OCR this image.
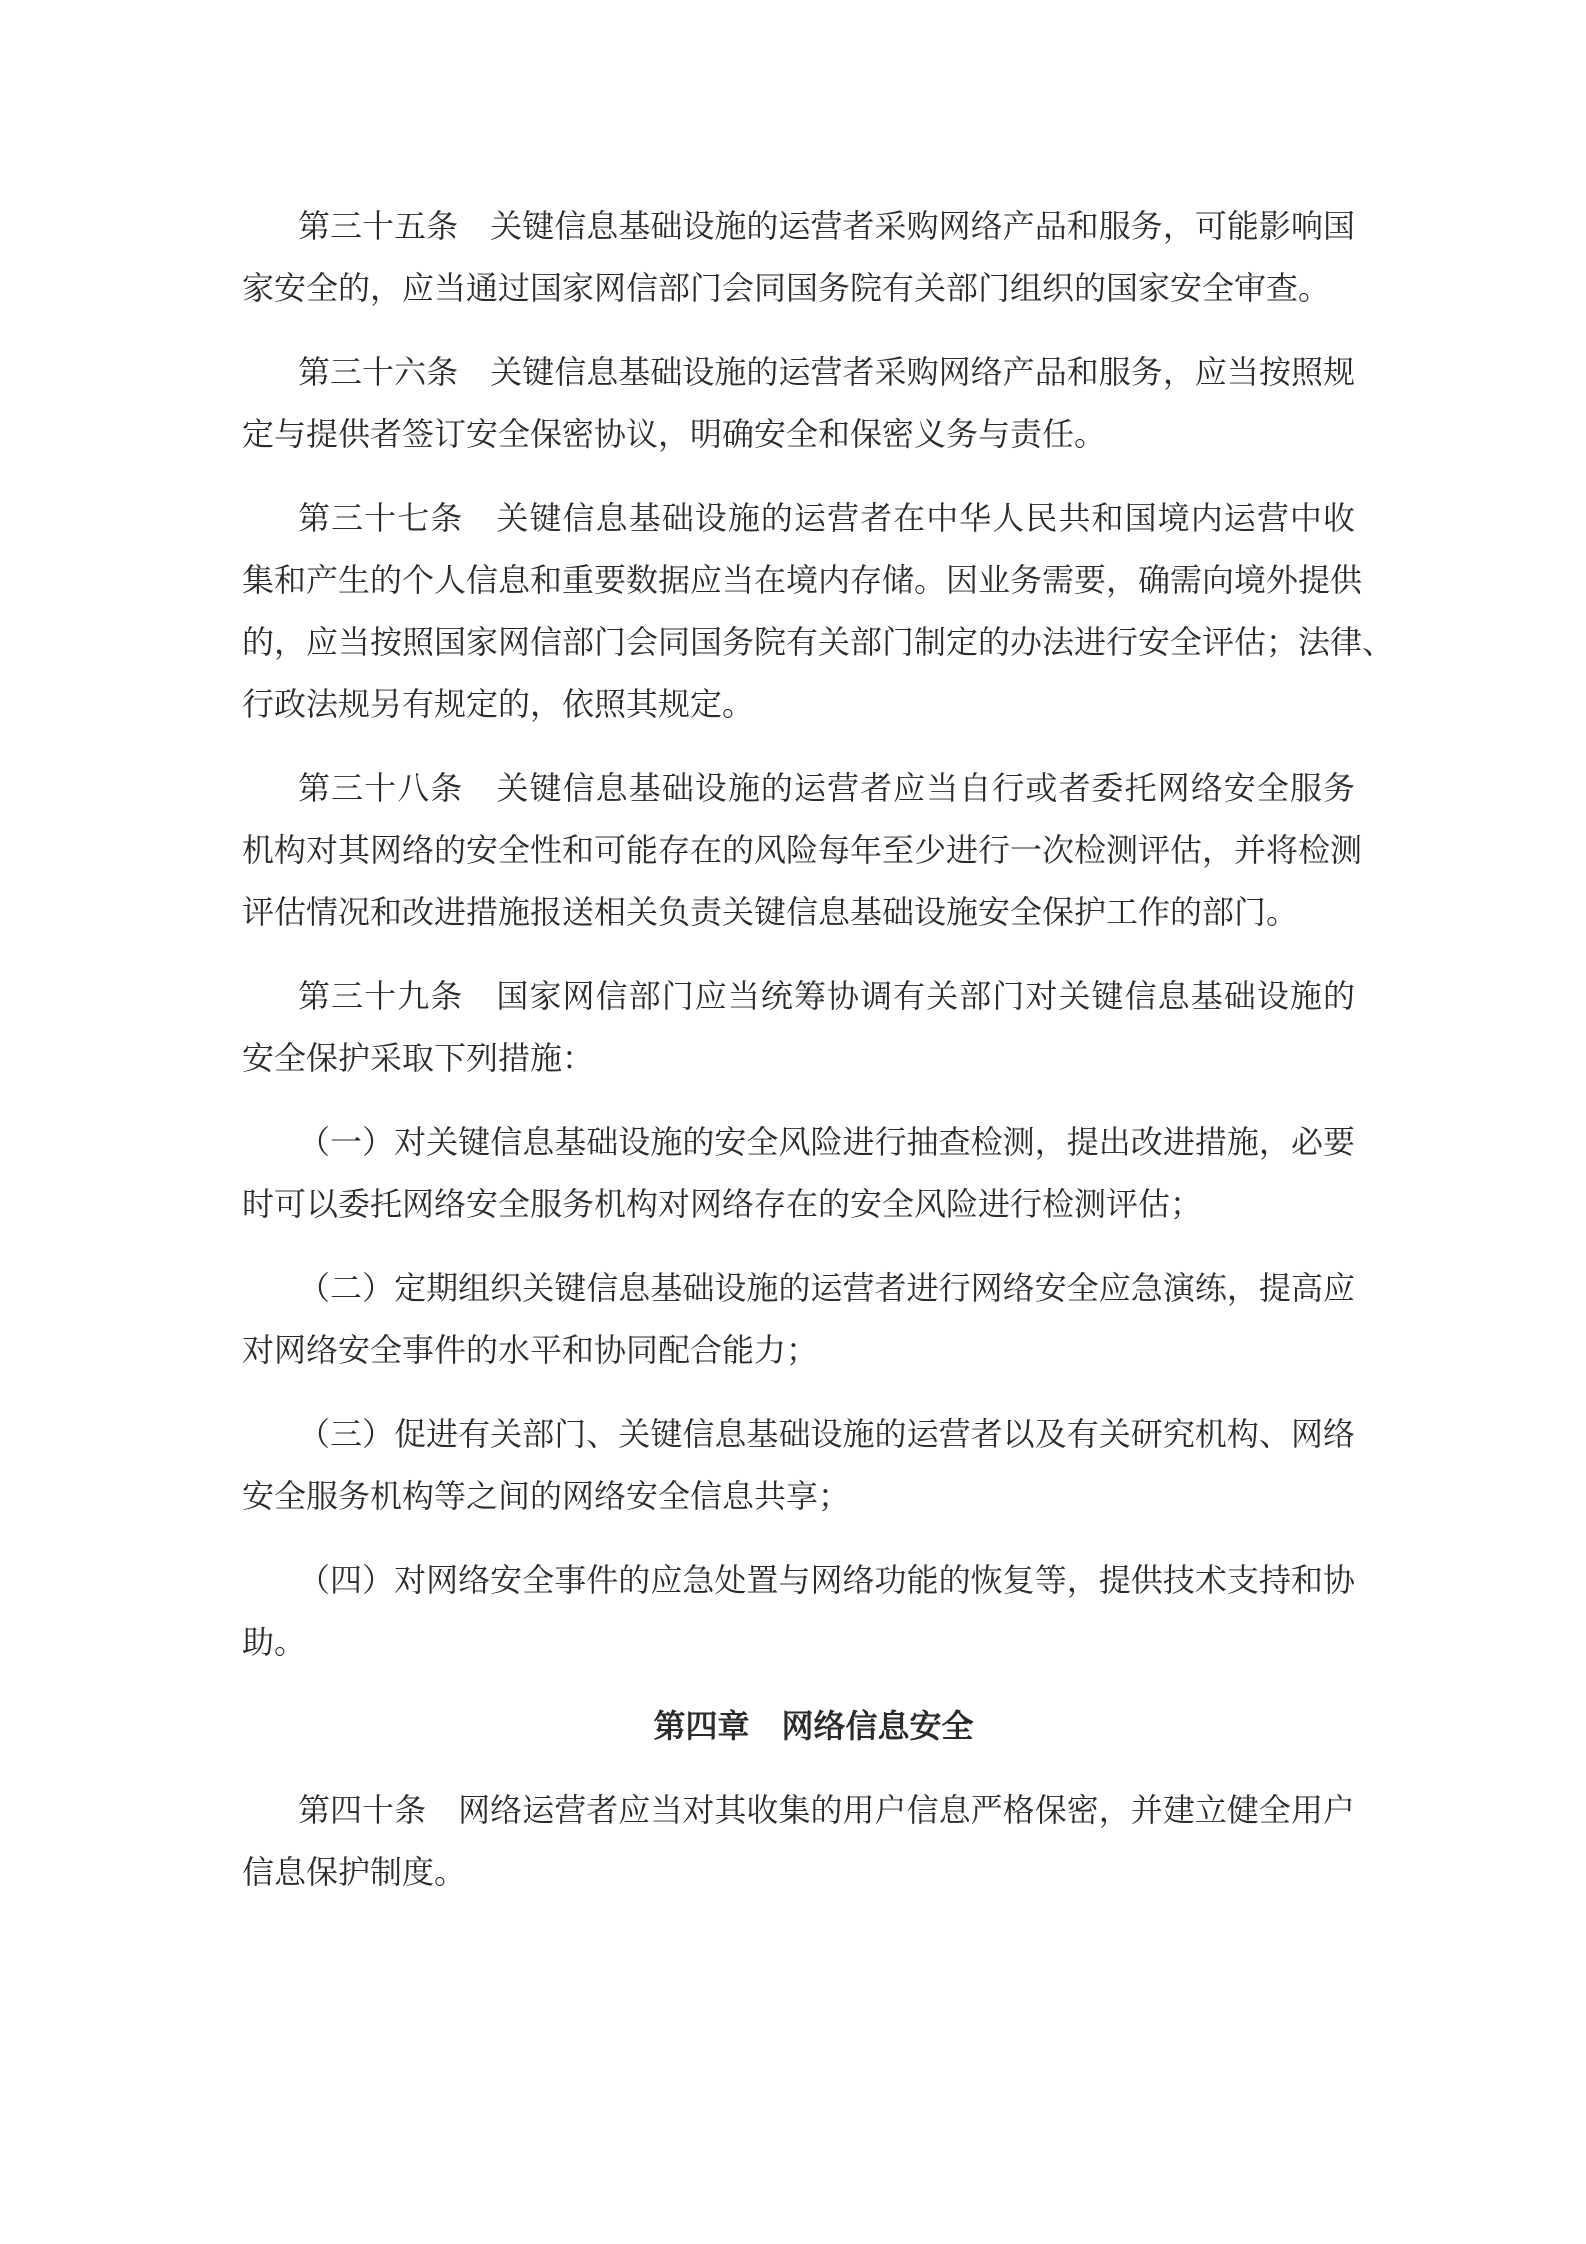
第三十五条　关键信息基础设施的运营者采购网络产品和服务，可能影响国
家安全的，应当通过国家网信部门会同国务院有关部门组织的国家安全审查。
第三十六条　关键信息基础设施的运营者采购网络产品和服务，应当按照规
定与提供者签订安全保密协议，明确安全和保密义务与责任。
第三十七条　关键信息基础设施的运营者在中华人民共和国境内运营中收
集和产生的个人信息和重要数据应当在境内存储。因业务需要，确需向境外提供
的，应当按照国家网信部门会同国务院有关部门制定的办法进行安全评估；法律、
行政法规另有规定的，依照其规定。
第三十八条　关键信息基础设施的运营者应当自行或者委托网络安全服务
机构对其网络的安全性和可能存在的风险每年至少进行一次检测评估，并将检测
评估情况和改进措施报送相关负责关键信息基础设施安全保护工作的部门。
第三十九条　国家网信部门应当统筹协调有关部门对关键信息基础设施的
安全保护采取下列措施：
（一）对关键信息基础设施的安全风险进行抽查检测，提出改进措施，必要
时可以委托网络安全服务机构对网络存在的安全风险进行检测评估；
（二）定期组织关键信息基础设施的运营者进行网络安全应急演练，提高应
对网络安全事件的水平和协同配合能力；
（三）促进有关部门、关键信息基础设施的运营者以及有关研究机构、网络
安全服务机构等之间的网络安全信息共享；
（四）对网络安全事件的应急处置与网络功能的恢复等，提供技术支持和协
助。
第四章　网络信息安全
第四十条　网络运营者应当对其收集的用户信息严格保密，并建立健全用户
信息保护制度。
